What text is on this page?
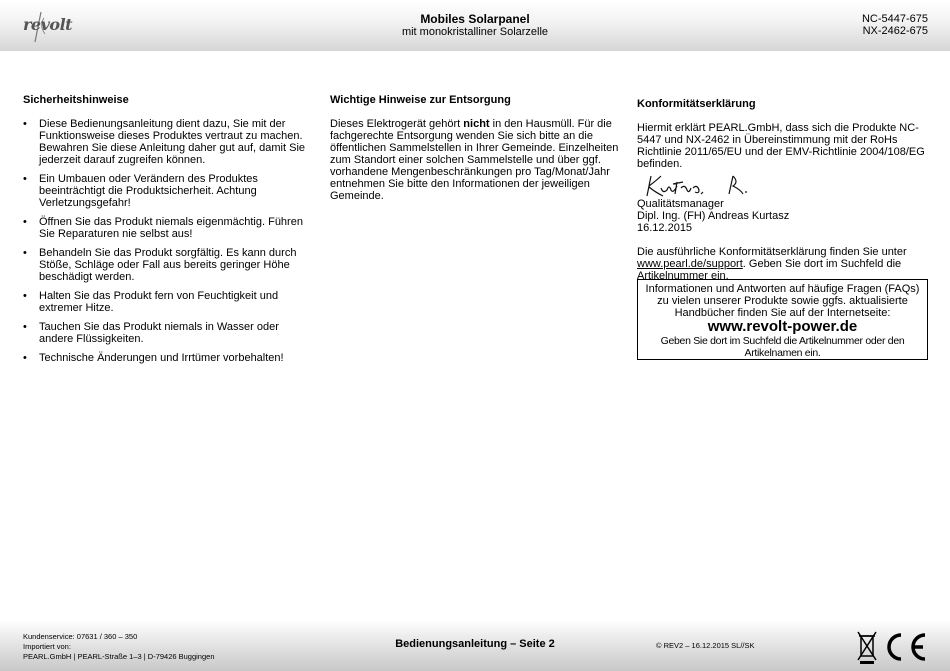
revolt	Mobiles Solarpanel
mit monokristalliner Solarzelle
NC-5447-675
NX-2462-675
Sicherheitshinweise
• Diese Bedienungsanleitung dient dazu, Sie mit der Funktionsweise dieses Produktes vertraut zu machen. Bewahren Sie diese Anleitung daher gut auf, damit Sie jederzeit darauf zugreifen können.
• Ein Umbauen oder Verändern des Produktes beeinträchtigt die Produktsicherheit. Achtung Verletzungsgefahr!
• Öffnen Sie das Produkt niemals eigenmächtig. Führen Sie Reparaturen nie selbst aus!
• Behandeln Sie das Produkt sorgfältig. Es kann durch Stöße, Schläge oder Fall aus bereits geringer Höhe beschädigt werden.
• Halten Sie das Produkt fern von Feuchtigkeit und extremer Hitze.
• Tauchen Sie das Produkt niemals in Wasser oder andere Flüssigkeiten.
• Technische Änderungen und Irrtümer vorbehalten!
Wichtige Hinweise zur Entsorgung

Dieses Elektrogerät gehört nicht in den Hausmüll. Für die fachgerechte Entsorgung wenden Sie sich bitte an die öffentlichen Sammelstellen in Ihrer Gemeinde. Einzelheiten zum Standort einer solchen Sammelstelle und über ggf. vorhandene Mengenbeschränkungen pro Tag/Monat/Jahr entnehmen Sie bitte den Informationen der jeweiligen Gemeinde.

Konformitätserklärung

Hiermit erklärt PEARL.GmbH, dass sich die Produkte NC-5447 und NX-2462 in Übereinstimmung mit der RoHs Richtlinie 2011/65/EU und der EMV-Richtlinie 2004/108/EG befinden.

Qualitätsmanager

Dipl. Ing. (FH) Andreas Kurtasz

16.12.2015

Die ausführliche Konformitätserklärung finden Sie unter www.pearl.de/support. Geben Sie dort im Suchfeld die Artikelnummer ein.

Informationen und Antworten auf häufige Fragen (FAQs) zu vielen unserer Produkte sowie ggfs. aktualisierte Handbücher finden Sie auf der Internetseite:
www.revolt-power.de
Geben Sie dort im Suchfeld die Artikelnummer oder den Artikelnamen ein.
Kundenservice: 07631 / 360 – 350
Importiert von:
PEARL.GmbH | PEARL-Straße 1–3 | D-79426 Buggingen
Bedienungsanleitung – Seite 2	© REV2 – 16.12.2015 SL//SK
